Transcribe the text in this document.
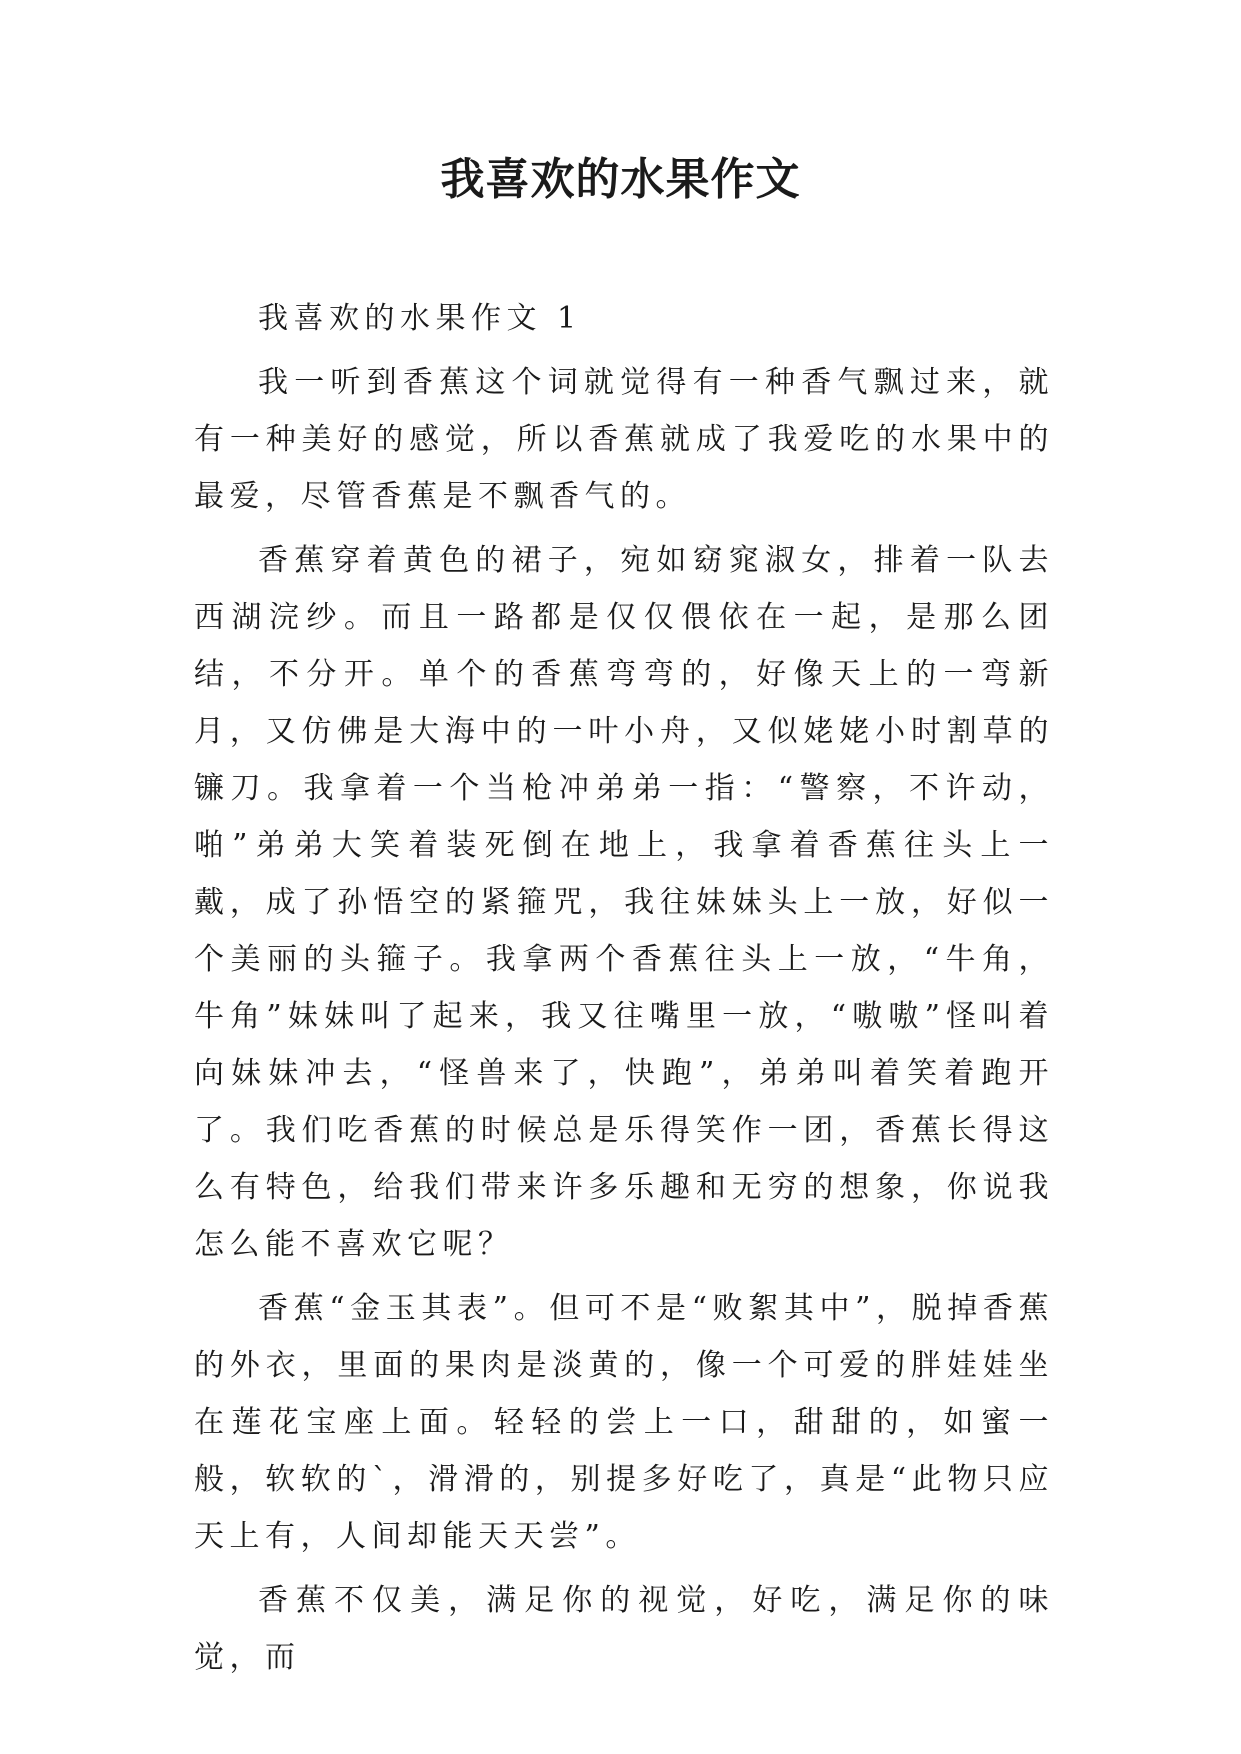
我喜欢的水果作文

我喜欢的水果作文 1

我一听到香蕉这个词就觉得有一种香气飘过来，就有一种美好的感觉，所以香蕉就成了我爱吃的水果中的最爱，尽管香蕉是不飘香气的。

香蕉穿着黄色的裙子，宛如窈窕淑女，排着一队去西湖浣纱。而且一路都是仅仅偎依在一起，是那么团结，不分开。单个的香蕉弯弯的，好像天上的一弯新月，又仿佛是大海中的一叶小舟，又似姥姥小时割草的镰刀。我拿着一个当枪冲弟弟一指：“警察，不许动，啪”弟弟大笑着装死倒在地上，我拿着香蕉往头上一戴，成了孙悟空的紧箍咒，我往妹妹头上一放，好似一个美丽的头箍子。我拿两个香蕉往头上一放，“牛角，牛角”妹妹叫了起来，我又往嘴里一放，“嗷嗷”怪叫着向妹妹冲去，“怪兽来了，快跑”，弟弟叫着笑着跑开了。我们吃香蕉的时候总是乐得笑作一团，香蕉长得这么有特色，给我们带来许多乐趣和无穷的想象，你说我怎么能不喜欢它呢？

香蕉“金玉其表”。但可不是“败絮其中”，脱掉香蕉的外衣，里面的果肉是淡黄的，像一个可爱的胖娃娃坐在莲花宝座上面。轻轻的尝上一口，甜甜的，如蜜一般，软软的`，滑滑的，别提多好吃了，真是“此物只应天上有，人间却能天天尝”。

香蕉不仅美，满足你的视觉，好吃，满足你的味觉，而
